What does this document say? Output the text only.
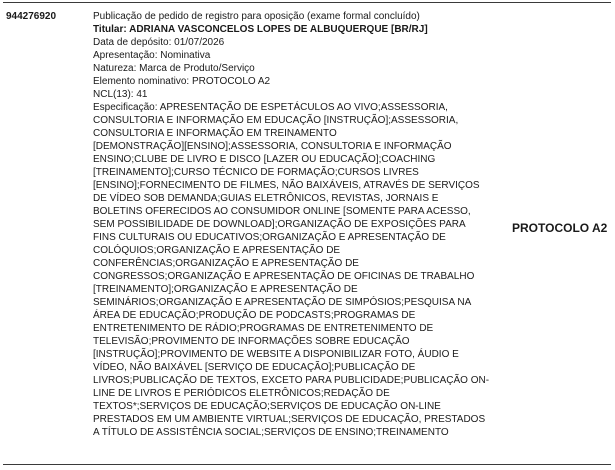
944276920	Publicação de pedido de registro para oposição (exame formal concluído)
Titular: ADRIANA VASCONCELOS LOPES DE ALBUQUERQUE [BR/RJ]
Data de depósito: 01/07/2026
Apresentação: Nominativa
Natureza: Marca de Produto/Serviço
Elemento nominativo: PROTOCOLO A2
NCL(13): 41
Especificação: APRESENTAÇÃO DE ESPETÁCULOS AO VIVO;ASSESSORIA,
CONSULTORIA E INFORMAÇÃO EM EDUCAÇÃO [INSTRUÇÃO];ASSESSORIA,
CONSULTORIA E INFORMAÇÃO EM TREINAMENTO
[DEMONSTRAÇÃO][ENSINO];ASSESSORIA, CONSULTORIA E INFORMAÇÃO
ENSINO;CLUBE DE LIVRO E DISCO [LAZER OU EDUCAÇÃO];COACHING
[TREINAMENTO];CURSO TÉCNICO DE FORMAÇÃO;CURSOS LIVRES
[ENSINO];FORNECIMENTO DE FILMES, NÃO BAIXÁVEIS, ATRAVÉS DE SERVIÇOS
DE VÍDEO SOB DEMANDA;GUIAS ELETRÔNICOS, REVISTAS, JORNAIS E
BOLETINS OFERECIDOS AO CONSUMIDOR ONLINE [SOMENTE PARA ACESSO,
SEM POSSIBILIDADE DE DOWNLOAD];ORGANIZAÇÃO DE EXPOSIÇÕES PARA
FINS CULTURAIS OU EDUCATIVOS;ORGANIZAÇÃO E APRESENTAÇÃO DE
COLÓQUIOS;ORGANIZAÇÃO E APRESENTAÇÃO DE
CONFERÊNCIAS;ORGANIZAÇÃO E APRESENTAÇÃO DE
CONGRESSOS;ORGANIZAÇÃO E APRESENTAÇÃO DE OFICINAS DE TRABALHO
[TREINAMENTO];ORGANIZAÇÃO E APRESENTAÇÃO DE
SEMINÁRIOS;ORGANIZAÇÃO E APRESENTAÇÃO DE SIMPÓSIOS;PESQUISA NA
ÁREA DE EDUCAÇÃO;PRODUÇÃO DE PODCASTS;PROGRAMAS DE
ENTRETENIMENTO DE RÁDIO;PROGRAMAS DE ENTRETENIMENTO DE
TELEVISÃO;PROVIMENTO DE INFORMAÇÕES SOBRE EDUCAÇÃO
[INSTRUÇÃO];PROVIMENTO DE WEBSITE A DISPONIBILIZAR FOTO, ÁUDIO E
VÍDEO, NÃO BAIXÁVEL [SERVIÇO DE EDUCAÇÃO];PUBLICAÇÃO DE
LIVROS;PUBLICAÇÃO DE TEXTOS, EXCETO PARA PUBLICIDADE;PUBLICAÇÃO ON-
LINE DE LIVROS E PERIÓDICOS ELETRÔNICOS;REDAÇÃO DE
TEXTOS*;SERVIÇOS DE EDUCAÇÃO;SERVIÇOS DE EDUCAÇÃO ON-LINE
PRESTADOS EM UM AMBIENTE VIRTUAL;SERVIÇOS DE EDUCAÇÃO, PRESTADOS
A TÍTULO DE ASSISTÊNCIA SOCIAL;SERVIÇOS DE ENSINO;TREINAMENTO
PROTOCOLO A2
